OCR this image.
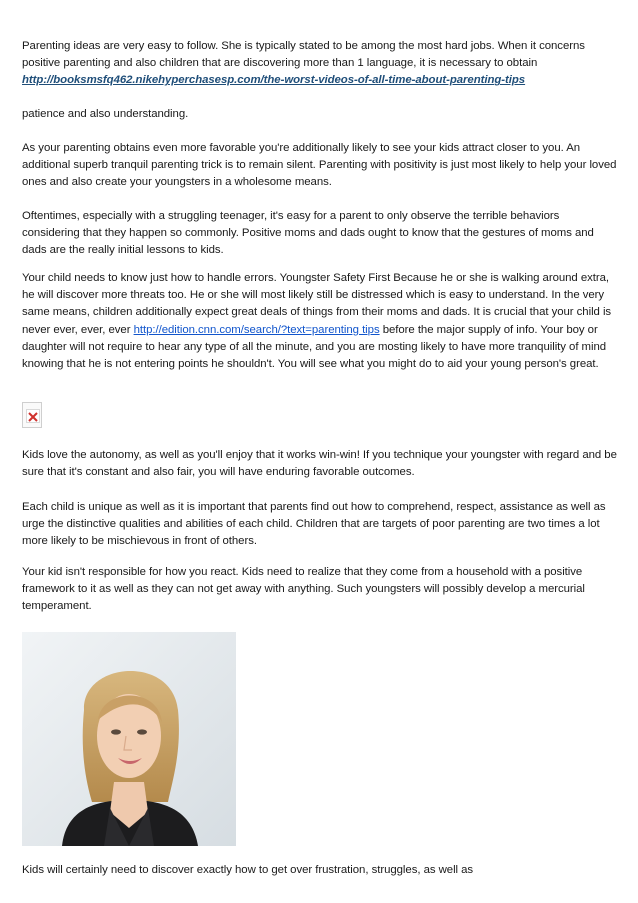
Parenting ideas are very easy to follow. She is typically stated to be among the most hard jobs. When it concerns positive parenting and also children that are discovering more than 1 language, it is necessary to obtain http://booksmsfq462.nikehyperchasesp.com/the-worst-videos-of-all-time-about-parenting-tips

patience and also understanding.

As your parenting obtains even more favorable you're additionally likely to see your kids attract closer to you. An additional superb tranquil parenting trick is to remain silent. Parenting with positivity is just most likely to help your loved ones and also create your youngsters in a wholesome means.

Oftentimes, especially with a struggling teenager, it's easy for a parent to only observe the terrible behaviors considering that they happen so commonly. Positive moms and dads ought to know that the gestures of moms and dads are the really initial lessons to kids.

Your child needs to know just how to handle errors. Youngster Safety First Because he or she is walking around extra, he will discover more threats too. He or she will most likely still be distressed which is easy to understand. In the very same means, children additionally expect great deals of things from their moms and dads. It is crucial that your child is never ever, ever, ever http://edition.cnn.com/search/?text=parenting tips before the major supply of info. Your boy or daughter will not require to hear any type of all the minute, and you are mosting likely to have more tranquility of mind knowing that he is not entering points he shouldn't. You will see what you might do to aid your young person's great.

Kids love the autonomy, as well as you'll enjoy that it works win-win! If you technique your youngster with regard and be sure that it's constant and also fair, you will have enduring favorable outcomes.

Each child is unique as well as it is important that parents find out how to comprehend, respect, assistance as well as urge the distinctive qualities and abilities of each child. Children that are targets of poor parenting are two times a lot more likely to be mischievous in front of others.

Your kid isn't responsible for how you react. Kids need to realize that they come from a household with a positive framework to it as well as they can not get away with anything. Such youngsters will possibly develop a mercurial temperament.

Kids will certainly need to discover exactly how to get over frustration, struggles, as well as
